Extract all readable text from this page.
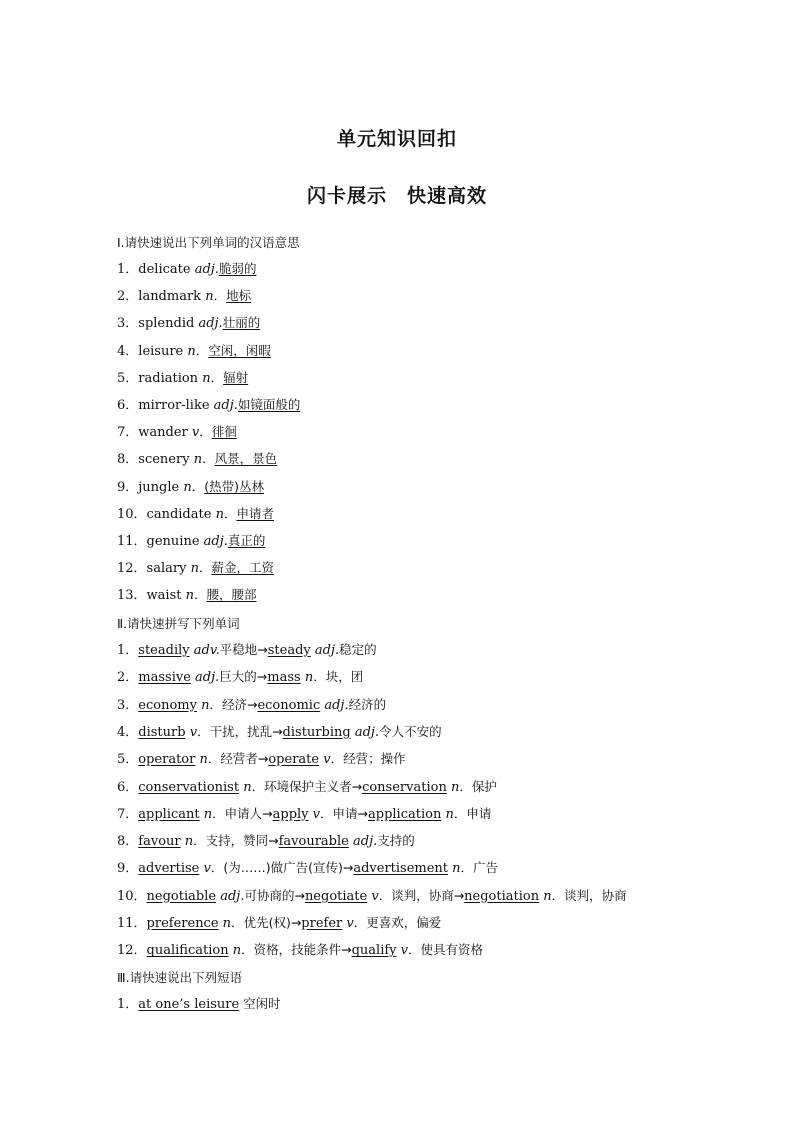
单元知识回扣
闪卡展示　快速高效
Ⅰ.请快速说出下列单词的汉语意思
1．delicate adj.脆弱的
2．landmark n．地标
3．splendid adj.壮丽的
4．leisure n．空闲，闲暇
5．radiation n．辐射
6．mirror-like adj.如镜面般的
7．wander v．徘徊
8．scenery n．风景，景色
9．jungle n．(热带)丛林
10．candidate n．申请者
11．genuine adj.真正的
12．salary n．薪金，工资
13．waist n．腰，腰部
Ⅱ.请快速拼写下列单词
1．steadily adv.平稳地→steady adj.稳定的
2．massive adj.巨大的→mass n．块，团
3．economy n．经济→economic adj.经济的
4．disturb v．干扰，扰乱→disturbing adj.令人不安的
5．operator n．经营者→operate v．经营；操作
6．conservationist n．环境保护主义者→conservation n．保护
7．applicant n．申请人→apply v．申请→application n．申请
8．favour n．支持，赞同→favourable adj.支持的
9．advertise v．(为……)做广告(宣传)→advertisement n．广告
10．negotiable adj.可协商的→negotiate v．谈判，协商→negotiation n．谈判，协商
11．preference n．优先(权)→prefer v．更喜欢，偏爱
12．qualification n．资格，技能条件→qualify v．使具有资格
Ⅲ.请快速说出下列短语
1．at one’s leisure 空闲时
